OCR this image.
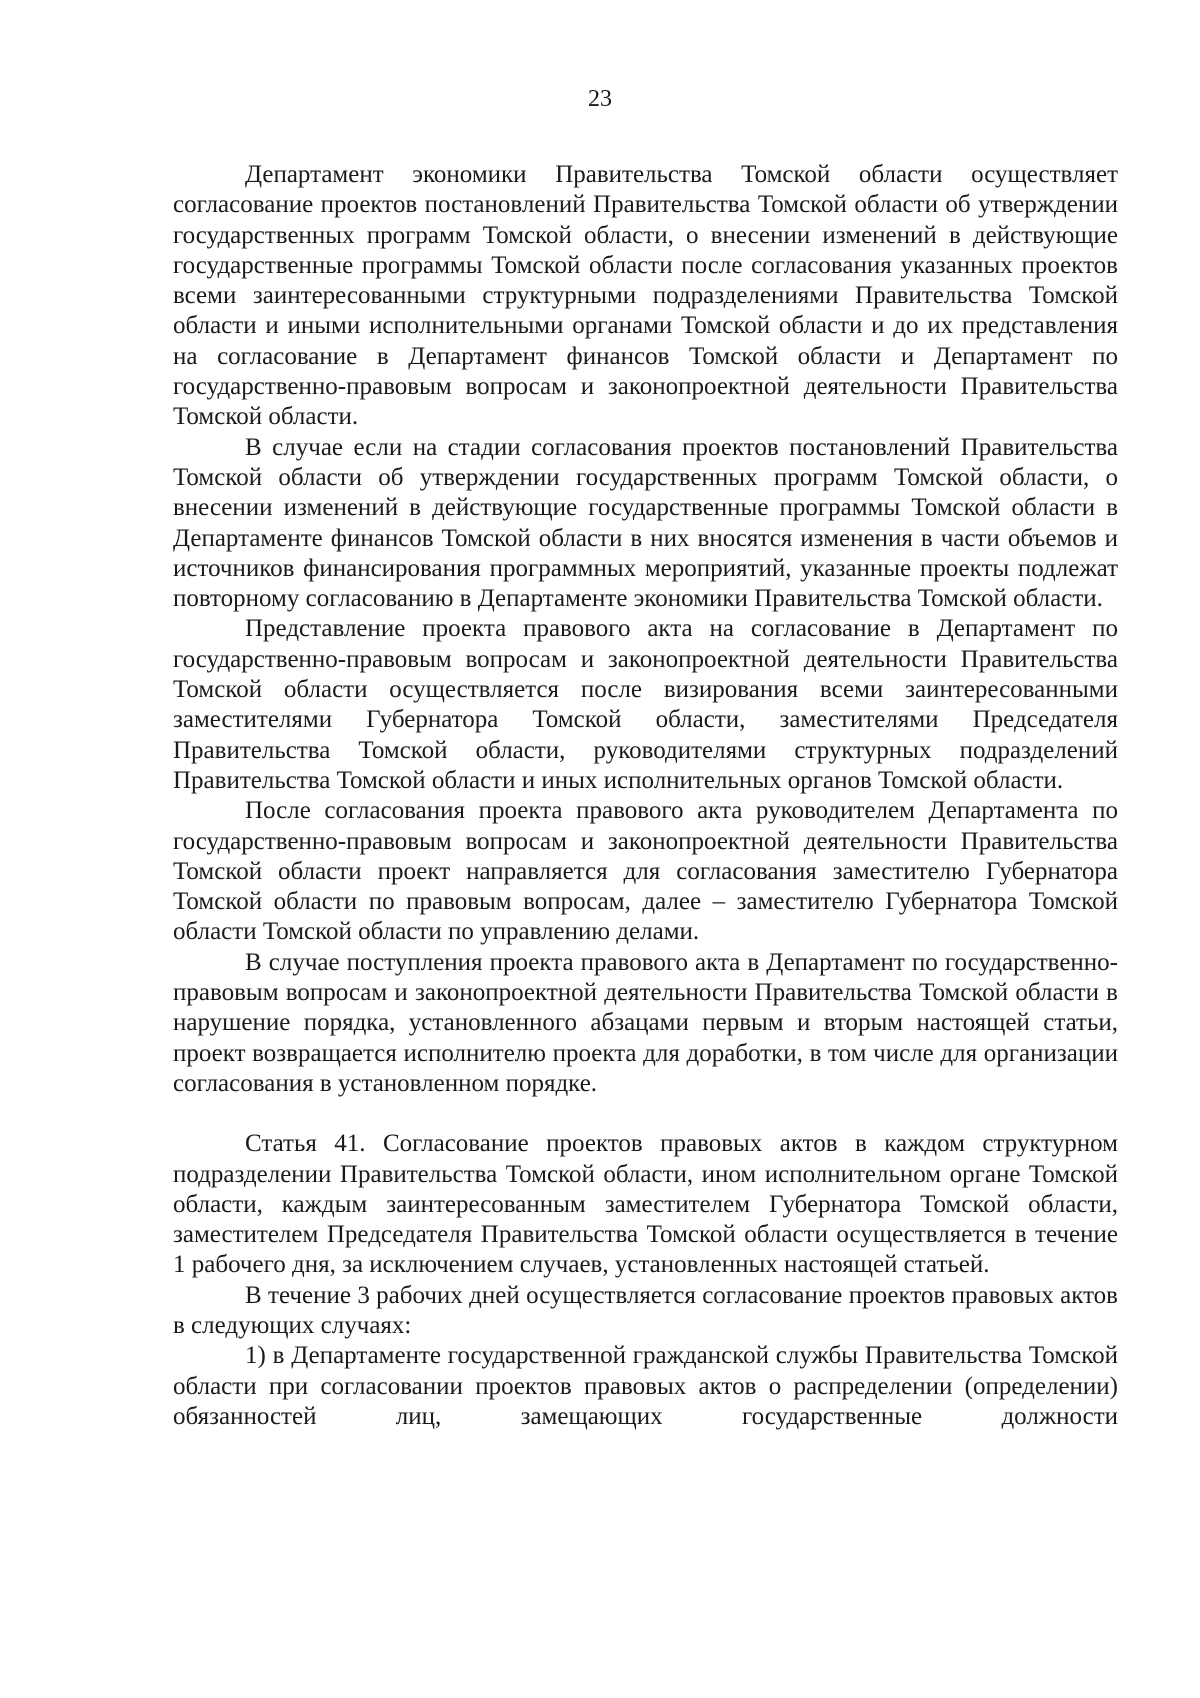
23

Департамент экономики Правительства Томской области осуществляет согласование проектов постановлений Правительства Томской области об утверждении государственных программ Томской области, о внесении изменений в действующие государственные программы Томской области после согласования указанных проектов всеми заинтересованными структурными подразделениями Правительства Томской области и иными исполнительными органами Томской области и до их представления на согласование в Департамент финансов Томской области и Департамент по государственно-правовым вопросам и законопроектной деятельности Правительства Томской области.

В случае если на стадии согласования проектов постановлений Правительства Томской области об утверждении государственных программ Томской области, о внесении изменений в действующие государственные программы Томской области в Департаменте финансов Томской области в них вносятся изменения в части объемов и источников финансирования программных мероприятий, указанные проекты подлежат повторному согласованию в Департаменте экономики Правительства Томской области.

Представление проекта правового акта на согласование в Департамент по государственно-правовым вопросам и законопроектной деятельности Правительства Томской области осуществляется после визирования всеми заинтересованными заместителями Губернатора Томской области, заместителями Председателя Правительства Томской области, руководителями структурных подразделений Правительства Томской области и иных исполнительных органов Томской области.

После согласования проекта правового акта руководителем Департамента по государственно-правовым вопросам и законопроектной деятельности Правительства Томской области проект направляется для согласования заместителю Губернатора Томской области по правовым вопросам, далее – заместителю Губернатора Томской области Томской области по управлению делами.

В случае поступления проекта правового акта в Департамент по государственно-правовым вопросам и законопроектной деятельности Правительства Томской области в нарушение порядка, установленного абзацами первым и вторым настоящей статьи, проект возвращается исполнителю проекта для доработки, в том числе для организации согласования в установленном порядке.

Статья 41. Согласование проектов правовых актов в каждом структурном подразделении Правительства Томской области, ином исполнительном органе Томской области, каждым заинтересованным заместителем Губернатора Томской области, заместителем Председателя Правительства Томской области осуществляется в течение 1 рабочего дня, за исключением случаев, установленных настоящей статьей.

В течение 3 рабочих дней осуществляется согласование проектов правовых актов в следующих случаях:

1) в Департаменте государственной гражданской службы Правительства Томской области при согласовании проектов правовых актов о распределении (определении) обязанностей лиц, замещающих государственные должности
